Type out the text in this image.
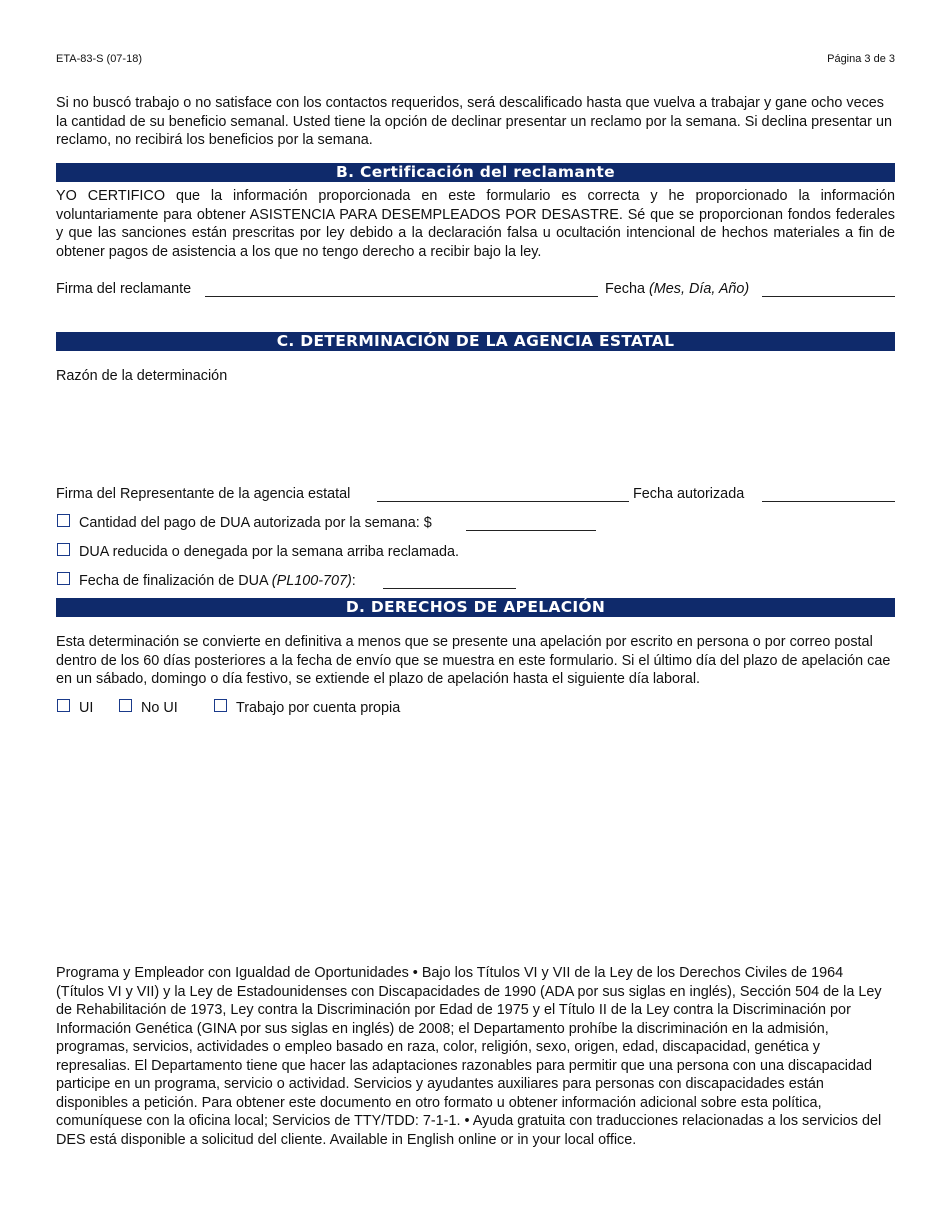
ETA-83-S (07-18)	Página 3 de 3

Si no buscó trabajo o no satisface con los contactos requeridos, será descalificado hasta que vuelva a trabajar y gane ocho veces la cantidad de su beneficio semanal. Usted tiene la opción de declinar presentar un reclamo por la semana. Si declina presentar un reclamo, no recibirá los beneficios por la semana.

B. Certificación del reclamante

YO CERTIFICO que la información proporcionada en este formulario es correcta y he proporcionado la información voluntariamente para obtener ASISTENCIA PARA DESEMPLEADOS POR DESASTRE. Sé que se proporcionan fondos federales y que las sanciones están prescritas por ley debido a la declaración falsa u ocultación intencional de hechos materiales a fin de obtener pagos de asistencia a los que no tengo derecho a recibir bajo la ley.

Firma del reclamante	Fecha (Mes, Día, Año)
C. DETERMINACIÓN DE LA AGENCIA ESTATAL
Razón de la determinación
Firma del Representante de la agencia estatal	Fecha autorizada
Cantidad del pago de DUA autorizada por la semana: $
DUA reducida o denegada por la semana arriba reclamada.
Fecha de finalización de DUA (PL100-707):
D. DERECHOS DE APELACIÓN

Esta determinación se convierte en definitiva a menos que se presente una apelación por escrito en persona o por correo postal dentro de los 60 días posteriores a la fecha de envío que se muestra en este formulario. Si el último día del plazo de apelación cae en un sábado, domingo o día festivo, se extiende el plazo de apelación hasta el siguiente día laboral.

UI	No UI	Trabajo por cuenta propia

Programa y Empleador con Igualdad de Oportunidades • Bajo los Títulos VI y VII de la Ley de los Derechos Civiles de 1964 (Títulos VI y VII) y la Ley de Estadounidenses con Discapacidades de 1990 (ADA por sus siglas en inglés), Sección 504 de la Ley de Rehabilitación de 1973, Ley contra la Discriminación por Edad de 1975 y el Título II de la Ley contra la Discriminación por Información Genética (GINA por sus siglas en inglés) de 2008; el Departamento prohíbe la discriminación en la admisión, programas, servicios, actividades o empleo basado en raza, color, religión, sexo, origen, edad, discapacidad, genética y represalias. El Departamento tiene que hacer las adaptaciones razonables para permitir que una persona con una discapacidad participe en un programa, servicio o actividad. Servicios y ayudantes auxiliares para personas con discapacidades están disponibles a petición. Para obtener este documento en otro formato u obtener información adicional sobre esta política, comuníquese con la oficina local; Servicios de TTY/TDD: 7-1-1. • Ayuda gratuita con traducciones relacionadas a los servicios del DES está disponible a solicitud del cliente. Available in English online or in your local office.
